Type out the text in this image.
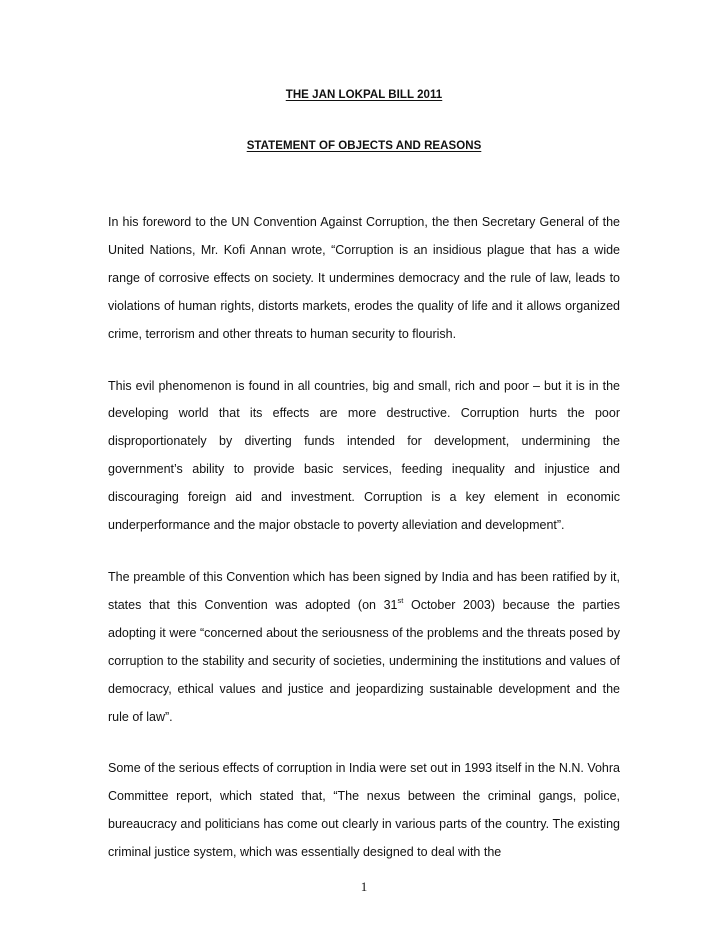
THE JAN LOKPAL BILL 2011
STATEMENT OF OBJECTS AND REASONS

In his foreword to the UN Convention Against Corruption, the then Secretary General of the United Nations, Mr. Kofi Annan wrote, “Corruption is an insidious plague that has a wide range of corrosive effects on society. It undermines democracy and the rule of law, leads to violations of human rights, distorts markets, erodes the quality of life and it allows organized crime, terrorism and other threats to human security to flourish.

This evil phenomenon is found in all countries, big and small, rich and poor – but it is in the developing world that its effects are more destructive. Corruption hurts the poor disproportionately by diverting funds intended for development, undermining the government’s ability to provide basic services, feeding inequality and injustice and discouraging foreign aid and investment. Corruption is a key element in economic underperformance and the major obstacle to poverty alleviation and development”.

The preamble of this Convention which has been signed by India and has been ratified by it, states that this Convention was adopted (on 31st October 2003) because the parties adopting it were “concerned about the seriousness of the problems and the threats posed by corruption to the stability and security of societies, undermining the institutions and values of democracy, ethical values and justice and jeopardizing sustainable development and the rule of law”.

Some of the serious effects of corruption in India were set out in 1993 itself in the N.N. Vohra Committee report, which stated that, “The nexus between the criminal gangs, police, bureaucracy and politicians has come out clearly in various parts of the country. The existing criminal justice system, which was essentially designed to deal with the

1
